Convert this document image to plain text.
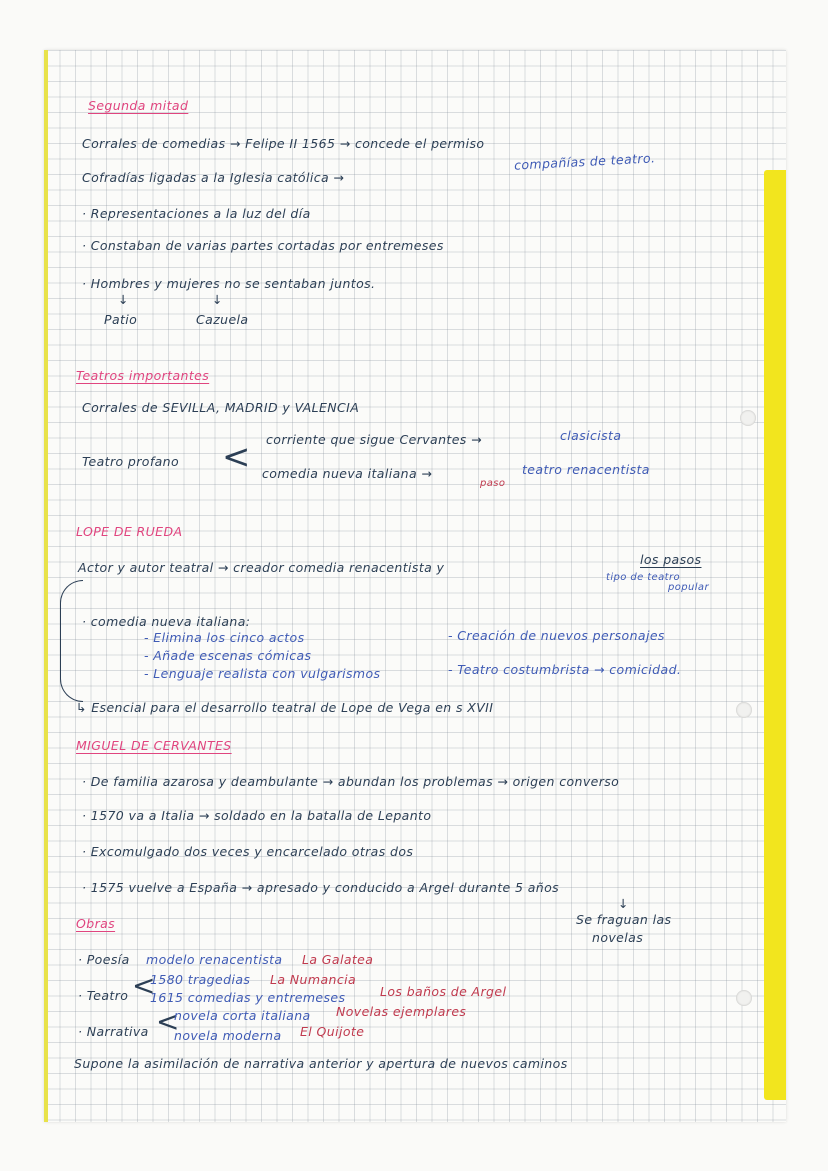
Segunda mitad
Corrales de comedias → Felipe II 1565 → concede el permiso
Cofradías ligadas a la Iglesia católica →
compañías de teatro.
· Representaciones a la luz del día
· Constaban de varias partes cortadas por entremeses
· Hombres y mujeres no se sentaban juntos.
↓	↓
Patio	Cazuela
Teatros importantes
Corrales de SEVILLA, MADRID y VALENCIA
Teatro profano < corriente que sigue Cervantes →	clasicista
comedia nueva italiana →	teatro renacentista
paso
LOPE DE RUEDA
Actor y autor teatral → creador comedia renacentista y
los pasos
tipo de teatro
popular
· comedia nueva italiana:
- Elimina los cinco actos
- Añade escenas cómicas
- Lenguaje realista con vulgarismos
- Creación de nuevos personajes
- Teatro costumbrista → comicidad.
↳ Esencial para el desarrollo teatral de Lope de Vega en s XVII
MIGUEL DE CERVANTES
· De familia azarosa y deambulante → abundan los problemas → origen converso
· 1570 va a Italia → soldado en la batalla de Lepanto
· Excomulgado dos veces y encarcelado otras dos
· 1575 vuelve a España → apresado y conducido a Argel durante 5 años
↓
Se fraguan las
novelas
Obras
· Poesía modelo renacentista La Galatea
· Teatro <
1580 tragedias La Numancia
1615 comedias y entremeses	Los baños de Argel
· Narrativa <
novela corta italiana Novelas ejemplares
novela moderna El Quijote
Supone la asimilación de narrativa anterior y apertura de nuevos caminos
